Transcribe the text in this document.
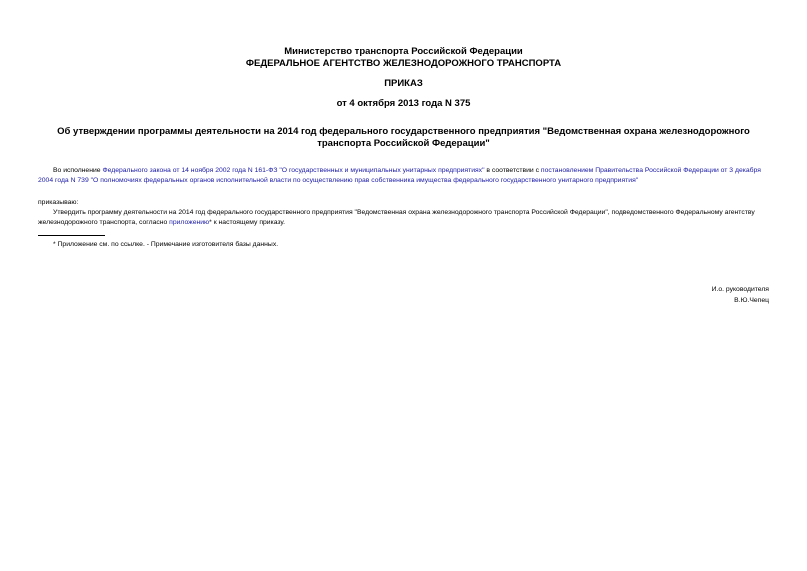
Министерство транспорта Российской Федерации
ФЕДЕРАЛЬНОЕ АГЕНТСТВО ЖЕЛЕЗНОДОРОЖНОГО ТРАНСПОРТА
ПРИКАЗ
от 4 октября 2013 года N 375
Об утверждении программы деятельности на 2014 год федерального государственного предприятия "Ведомственная охрана железнодорожного транспорта Российской Федерации"
Во исполнение Федерального закона от 14 ноября 2002 года N 161-ФЗ "О государственных и муниципальных унитарных предприятиях" в соответствии с постановлением Правительства Российской Федерации от 3 декабря 2004 года N 739 "О полномочиях федеральных органов исполнительной власти по осуществлению прав собственника имущества федерального государственного унитарного предприятия"
приказываю:
Утвердить программу деятельности на 2014 год федерального государственного предприятия "Ведомственная охрана железнодорожного транспорта Российской Федерации", подведомственного Федеральному агентству железнодорожного транспорта, согласно приложению* к настоящему приказу.
* Приложение см. по ссылке. - Примечание изготовителя базы данных.
И.о. руководителя
В.Ю.Чепец
